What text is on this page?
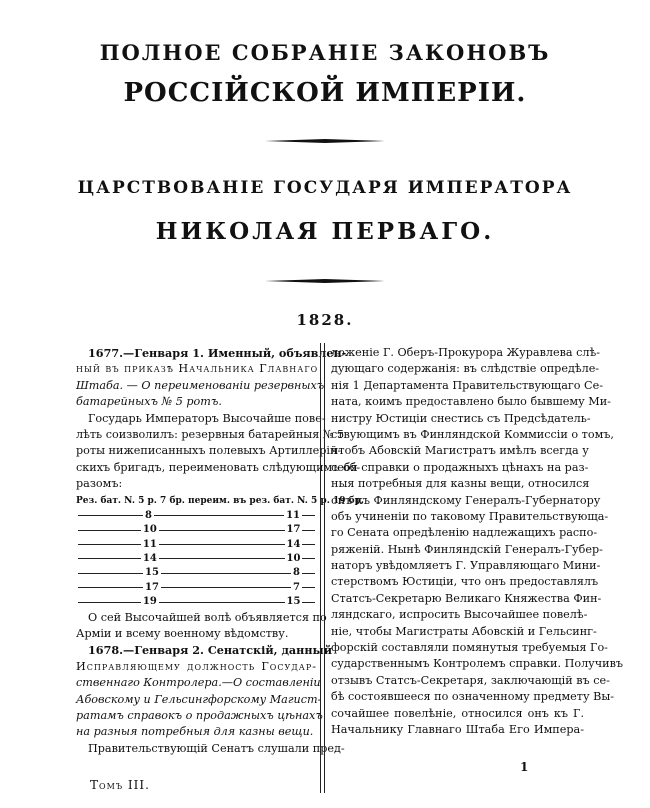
ПОЛНОЕ СОБРАНІЕ ЗАКОНОВЪ
РОССІЙСКОЙ ИМПЕРІИ.
ЦАРСТВОВАНІЕ ГОСУДАРЯ ИМПЕРАТОРА
НИКОЛАЯ ПЕРВАГО.
1828.
1677.—Генваря 1. Именный, объявлен-
ный въ приказѣ Начальника Главнаго
Штаба. — О переименованіи резервныхъ
батарейныхъ № 5 ротъ.
Государь Императоръ Высочайше пове-
лѣть соизволилъ: резервныя батарейныя № 5
роты нижеписанныхъ полевыхъ Артиллерій-
скихъ бригадъ, переименовать слѣдующимъ об-
разомъ:
Рез. бат. N. 5 р. 7 бр. переим. въ рез. бат. N. 5 р. 19 бр.
8	11
10	17
11	14
14	10
15	8
17	7
19	15
О сей Высочайшей волѣ объявляется по
Арміи и всему военному вѣдомству.
1678.—Генваря 2. Сенатскій, данный
Исправляющему должность Государ-
ственнаго Контролера.—О составленіи
Абовскому и Гельсингфорскому Магист-
ратамъ справокъ о продажныхъ цѣнахъ
на разныя потребныя для казны вещи.
Правительствующій Сенатъ слушали пред-
ложеніе Г. Оберъ-Прокурора Журавлева слѣ-
дующаго содержанія: въ слѣдствіе опредѣле-
нія 1 Департамента Правительствующаго Се-
ната, коимъ предоставлено было бывшему Ми-
нистру Юстиціи снестись съ Предсѣдатель-
ствующимъ въ Финляндской Коммиссіи о томъ,
чтобъ Абовскій Магистратъ имѣлъ всегда у
себя справки о продажныхъ цѣнахъ на раз-
ныя потребныя для казны вещи, относился
онъ къ Финляндскому Генералъ-Губернатору
объ учиненіи по таковому Правительствующа-
го Сената опредѣленію надлежащихъ распо-
ряженій. Нынѣ Финляндскій Генералъ-Губер-
наторъ увѣдомляетъ Г. Управляющаго Мини-
стерствомъ Юстиціи, что онъ предоставлялъ
Статсъ-Секретарю Великаго Княжества Фин-
ляндскаго, испросить Высочайшее повелѣ-
ніе, чтобы Магистраты Абовскій и Гельсинг-
форскій составляли помянутыя требуемыя Го-
сударственнымъ Контролемъ справки. Получивъ
отзывъ Статсъ-Секретаря, заключающій въ се-
бѣ состоявшееся по означенному предмету Вы-
сочайшее повелѣніе, относился онъ къ Г.
Начальнику Главнаго Штаба Его Импера-
Томъ III.
1
